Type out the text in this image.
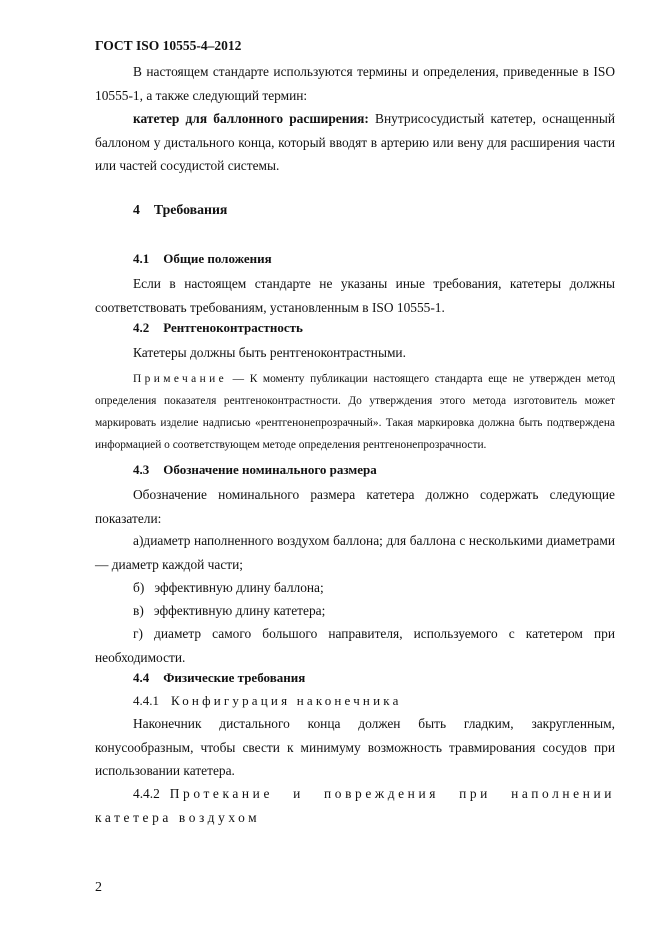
ГОСТ ISO 10555-4–2012
В настоящем стандарте используются термины и определения, приведенные в ISO 10555-1, а также следующий термин:
катетер для баллонного расширения: Внутрисосудистый катетер, оснащенный баллоном у дистального конца, который вводят в артерию или вену для расширения части или частей сосудистой системы.
4 Требования
4.1 Общие положения
Если в настоящем стандарте не указаны иные требования, катетеры должны соответствовать требованиям, установленным в ISO 10555-1.
4.2 Рентгеноконтрастность
Катетеры должны быть рентгеноконтрастными.
Примечание — К моменту публикации настоящего стандарта еще не утвержден метод определения показателя рентгеноконтрастности. До утверждения этого метода изготовитель может маркировать изделие надписью «рентгенонепрозрачный». Такая маркировка должна быть подтверждена информацией о соответствующем методе определения рентгенонепрозрачности.
4.3 Обозначение номинального размера
Обозначение номинального размера катетера должно содержать следующие показатели:
а)диаметр наполненного воздухом баллона; для баллона с несколькими диаметрами — диаметр каждой части;
б)   эффективную длину баллона;
в)   эффективную длину катетера;
г) диаметр самого большого направителя, используемого с катетером при необходимости.
4.4 Физические требования
4.4.1 Конфигурация наконечника
Наконечник дистального конца должен быть гладким, закругленным, конусообразным, чтобы свести к минимуму возможность травмирования сосудов при использовании катетера.
4.4.2 Протекание и повреждения при наполнении катетера воздухом
2
